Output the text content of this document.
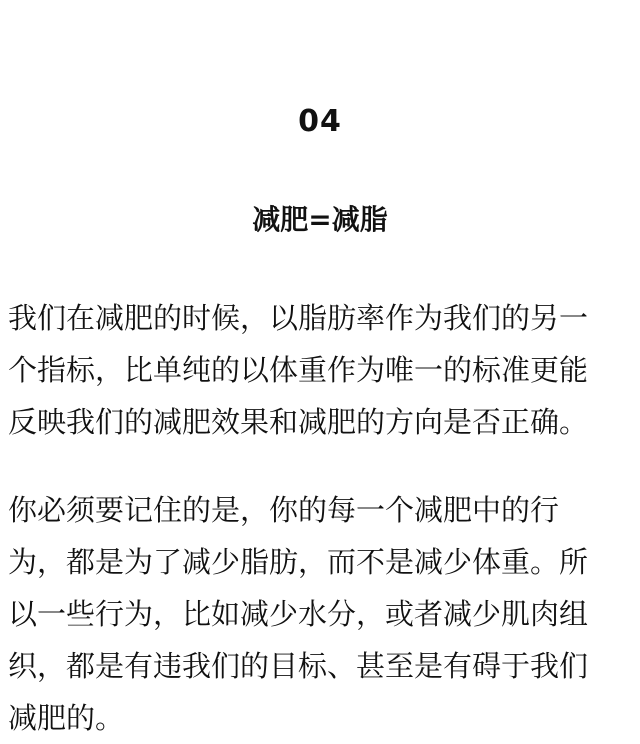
04
减肥=减脂

我们在减肥的时候，以脂肪率作为我们的另一
个指标，比单纯的以体重作为唯一的标准更能
反映我们的减肥效果和减肥的方向是否正确。

你必须要记住的是，你的每一个减肥中的行
为，都是为了减少脂肪，而不是减少体重。所
以一些行为，比如减少水分，或者减少肌肉组
织，都是有违我们的目标、甚至是有碍于我们
减肥的。
